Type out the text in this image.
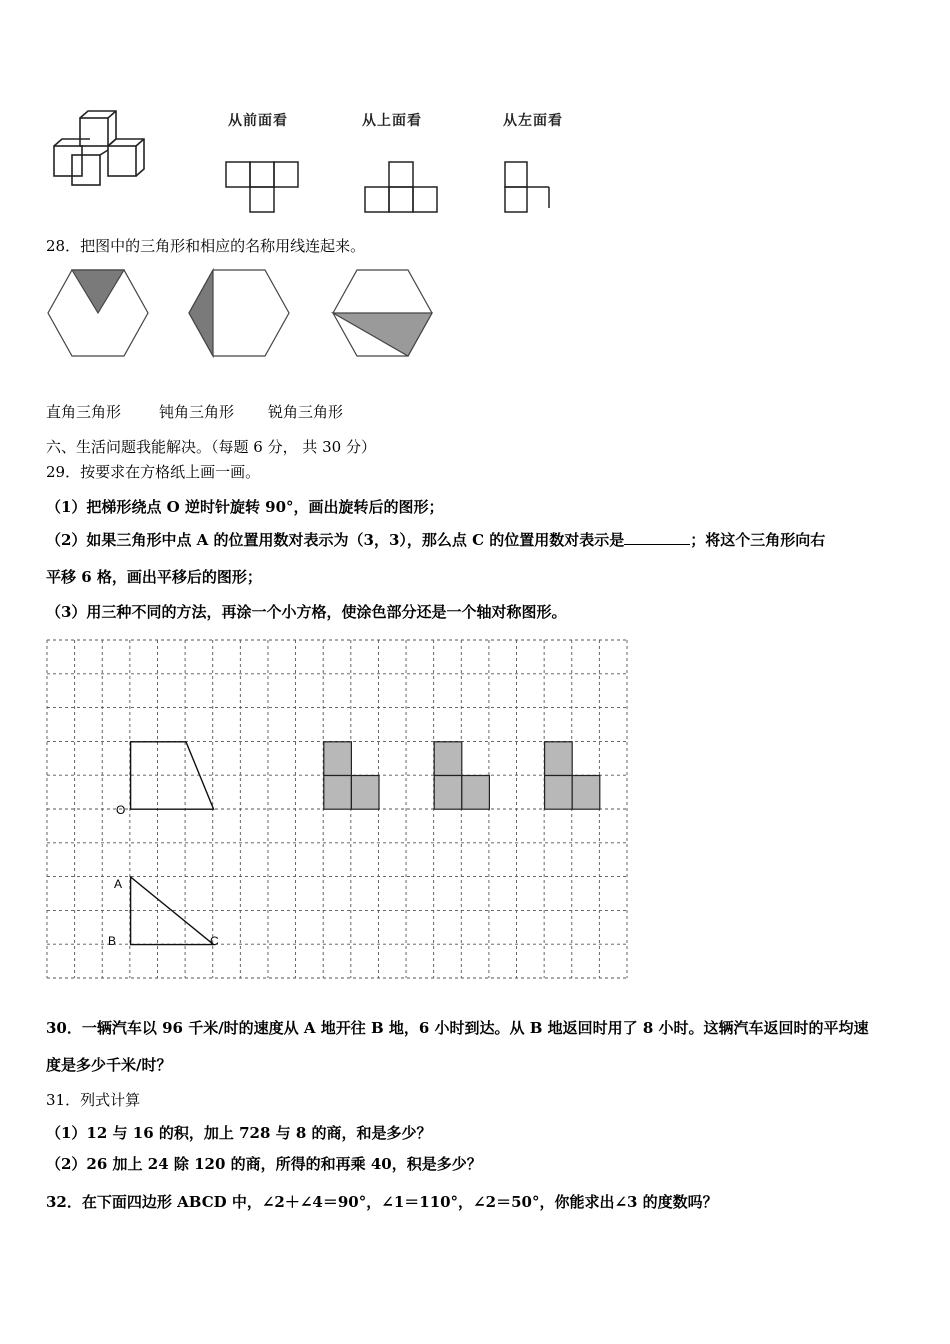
从前面看	从上面看	从左面看
28．把图中的三角形和相应的名称用线连起来。
直角三角形	钝角三角形 锐角三角形
六、生活问题我能解决。（每题 6 分， 共 30 分）
29．按要求在方格纸上画一画。
（1）把梯形绕点 O 逆时针旋转 90°，画出旋转后的图形；
（2）如果三角形中点 A 的位置用数对表示为（3，3），那么点 C 的位置用数对表示是	；将这个三角形向右
平移 6 格，画出平移后的图形；
（3）用三种不同的方法，再涂一个小方格，使涂色部分还是一个轴对称图形。
O
A
B	C
30．一辆汽车以 96 千米/时的速度从 A 地开往 B 地，6 小时到达。从 B 地返回时用了 8 小时。这辆汽车返回时的平均速
度是多少千米/时？
31．列式计算
（1）12 与 16 的积，加上 728 与 8 的商，和是多少？
（2）26 加上 24 除 120 的商，所得的和再乘 40，积是多少？
32．在下面四边形 ABCD 中，∠2＋∠4＝90°，∠1＝110°，∠2＝50°，你能求出∠3 的度数吗？
